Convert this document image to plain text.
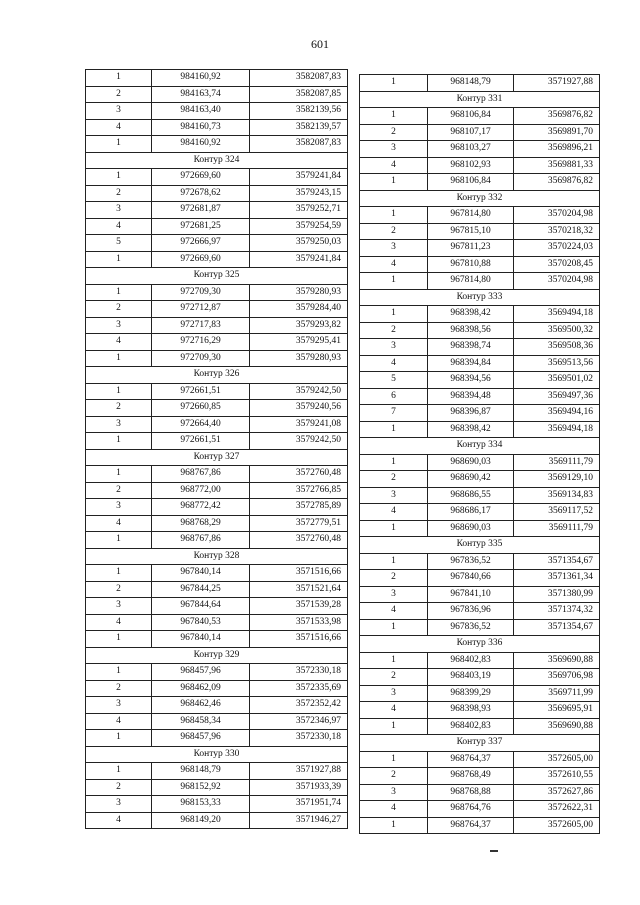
601
1	984160,92	3582087,83
2	984163,74	3582087,85
3	984163,40	3582139,56
4	984160,73	3582139,57
1	984160,92	3582087,83
Контур 324		
1	972669,60	3579241,84
2	972678,62	3579243,15
3	972681,87	3579252,71
4	972681,25	3579254,59
5	972666,97	3579250,03
1	972669,60	3579241,84
Контур 325		
1	972709,30	3579280,93
2	972712,87	3579284,40
3	972717,83	3579293,82
4	972716,29	3579295,41
1	972709,30	3579280,93
Контур 326		
1	972661,51	3579242,50
2	972660,85	3579240,56
3	972664,40	3579241,08
1	972661,51	3579242,50
Контур 327		
1	968767,86	3572760,48
2	968772,00	3572766,85
3	968772,42	3572785,89
4	968768,29	3572779,51
1	968767,86	3572760,48
Контур 328		
1	967840,14	3571516,66
2	967844,25	3571521,64
3	967844,64	3571539,28
4	967840,53	3571533,98
1	967840,14	3571516,66
Контур 329		
1	968457,96	3572330,18
2	968462,09	3572335,69
3	968462,46	3572352,42
4	968458,34	3572346,97
1	968457,96	3572330,18
Контур 330		
1	968148,79	3571927,88
2	968152,92	3571933,39
3	968153,33	3571951,74
4	968149,20	3571946,27
1	968148,79	3571927,88
Контур 331		
1	968106,84	3569876,82
2	968107,17	3569891,70
3	968103,27	3569896,21
4	968102,93	3569881,33
1	968106,84	3569876,82
Контур 332		
1	967814,80	3570204,98
2	967815,10	3570218,32
3	967811,23	3570224,03
4	967810,88	3570208,45
1	967814,80	3570204,98
Контур 333		
1	968398,42	3569494,18
2	968398,56	3569500,32
3	968398,74	3569508,36
4	968394,84	3569513,56
5	968394,56	3569501,02
6	968394,48	3569497,36
7	968396,87	3569494,16
1	968398,42	3569494,18
Контур 334		
1	968690,03	3569111,79
2	968690,42	3569129,10
3	968686,55	3569134,83
4	968686,17	3569117,52
1	968690,03	3569111,79
Контур 335		
1	967836,52	3571354,67
2	967840,66	3571361,34
3	967841,10	3571380,99
4	967836,96	3571374,32
1	967836,52	3571354,67
Контур 336		
1	968402,83	3569690,88
2	968403,19	3569706,98
3	968399,29	3569711,99
4	968398,93	3569695,91
1	968402,83	3569690,88
Контур 337		
1	968764,37	3572605,00
2	968768,49	3572610,55
3	968768,88	3572627,86
4	968764,76	3572622,31
1	968764,37	3572605,00
